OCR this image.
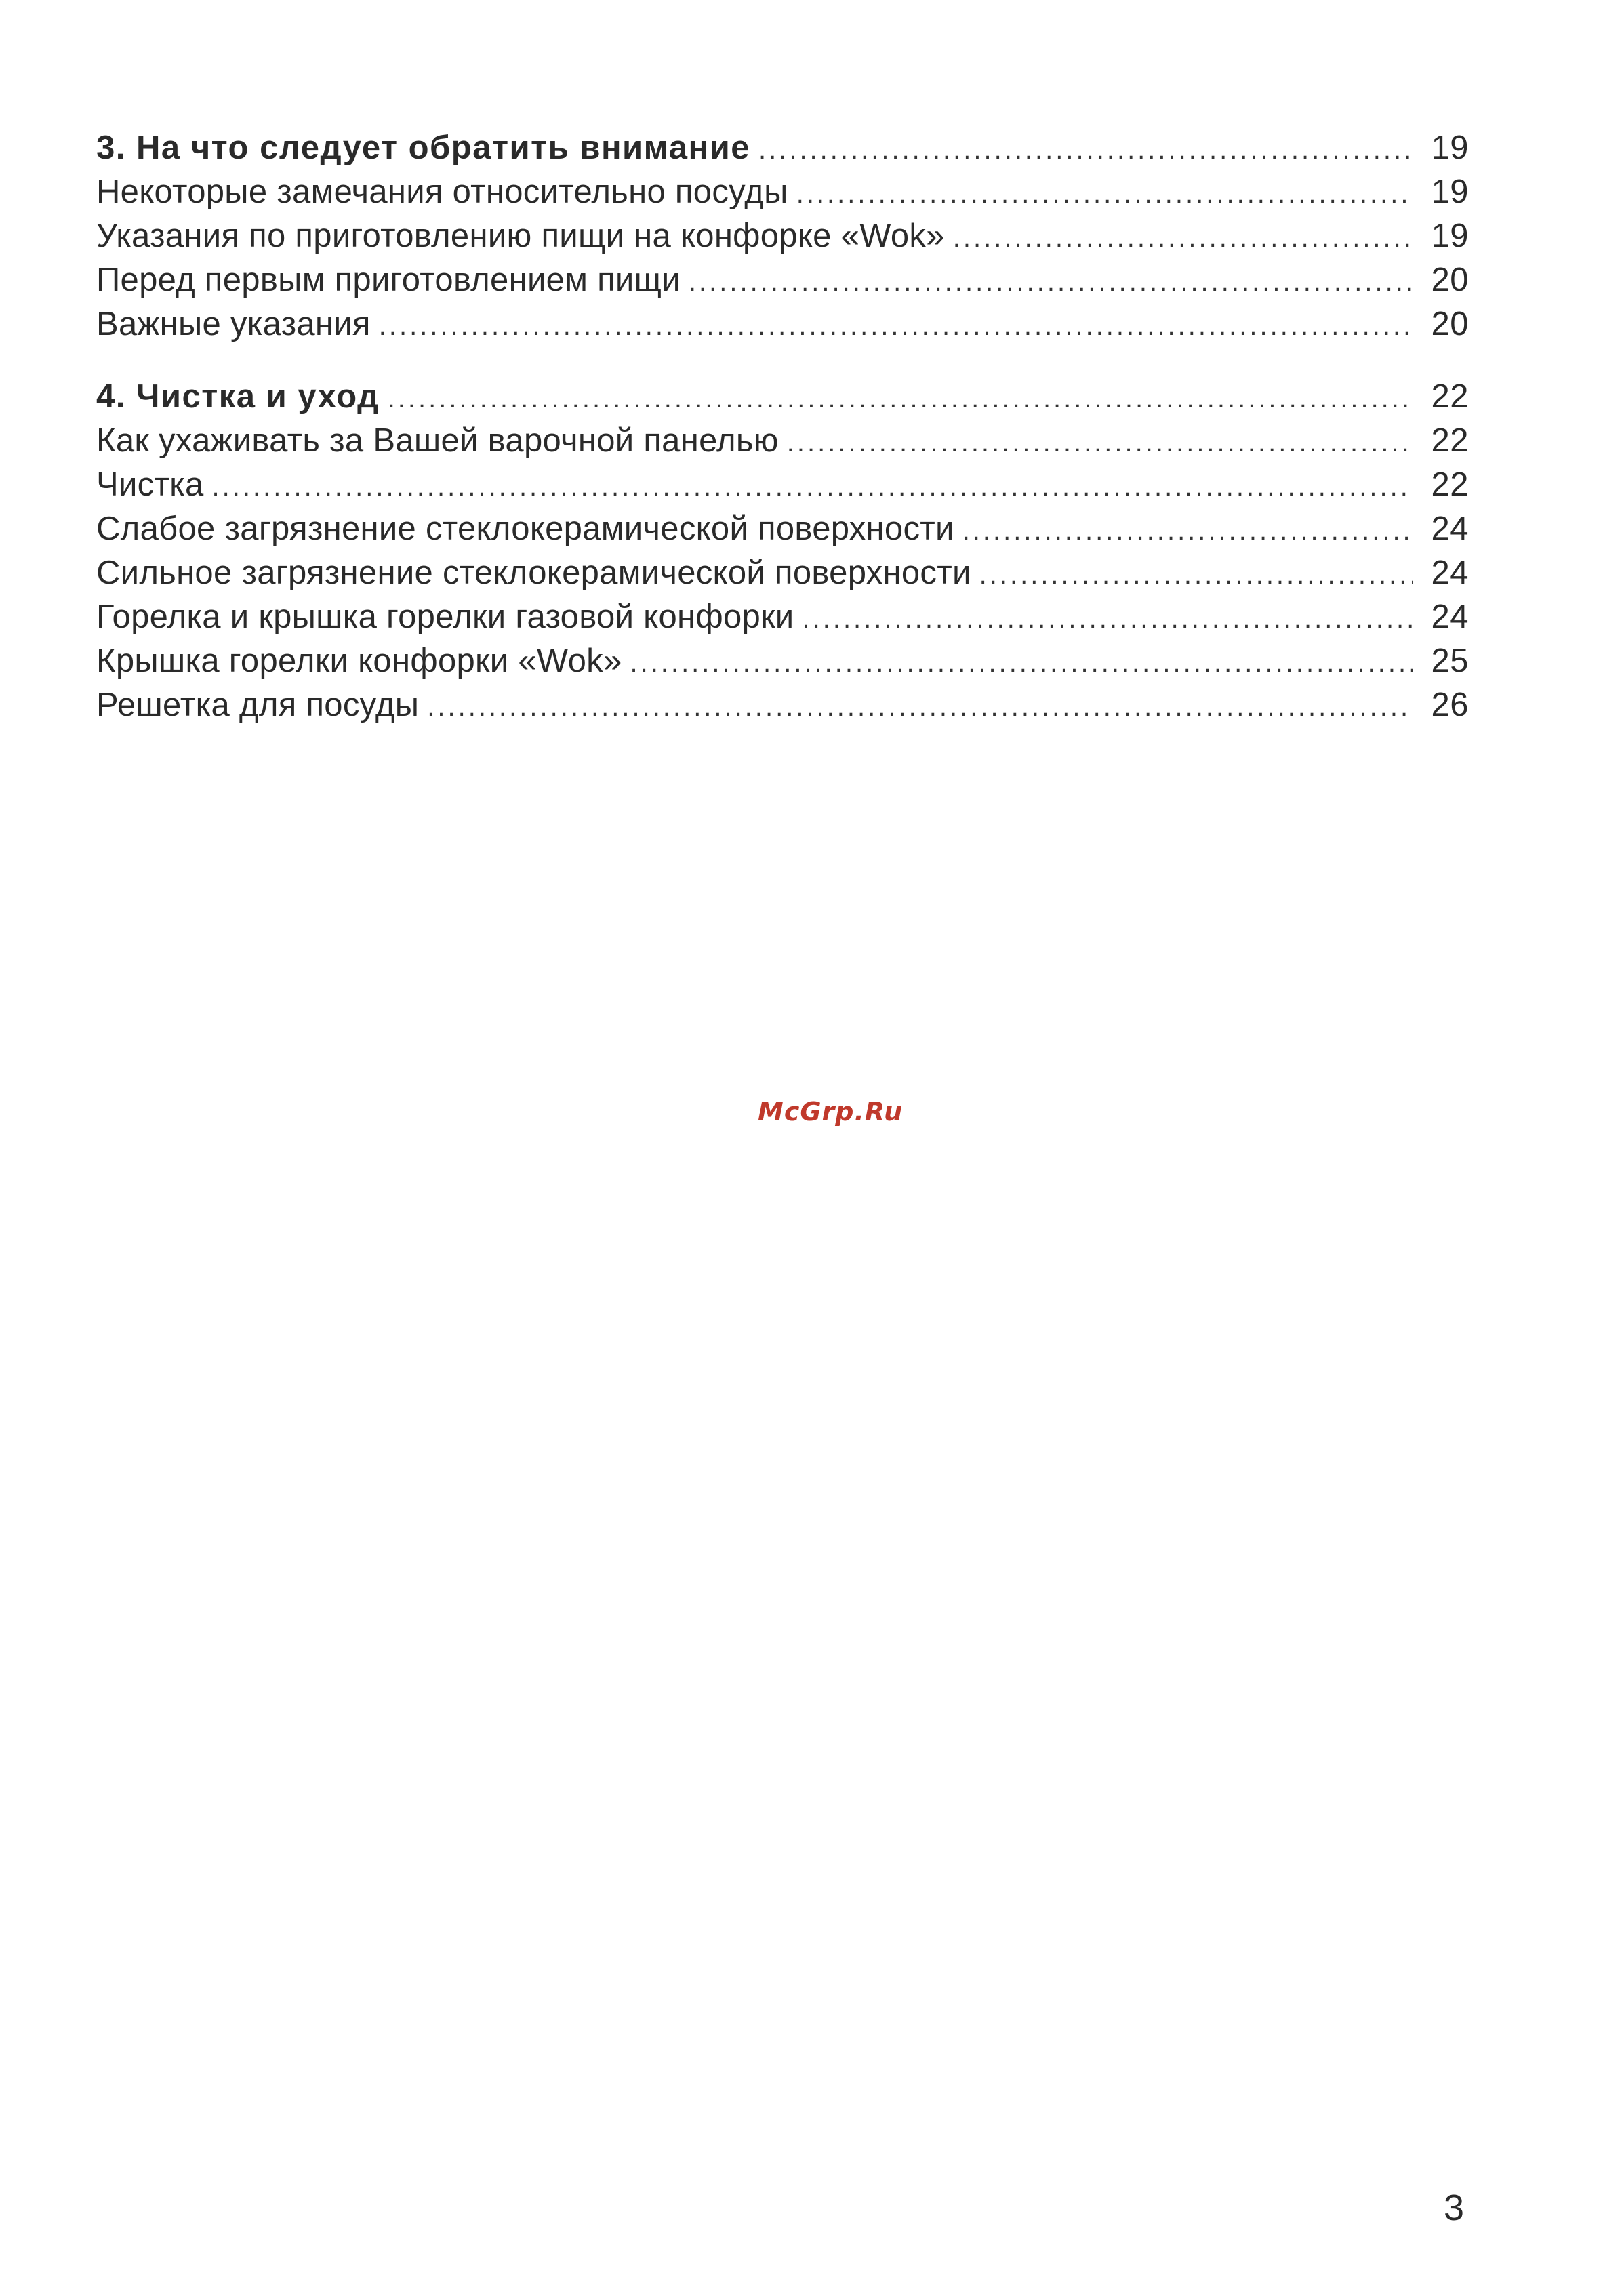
3. На что следует обратить внимание .....	19
Некоторые замечания относительно посуды .....	19
Указания по приготовлению пищи на конфорке «Wok» .....	19
Перед первым приготовлением пищи .....	20
Важные указания .....	20
4. Чистка и уход .....	22
Как ухаживать за Вашей варочной панелью .....	22
Чистка .....	22
Слабое загрязнение стеклокерамической поверхности .....	24
Сильное загрязнение стеклокерамической поверхности .....	24
Горелка и крышка горелки газовой конфорки .....	24
Крышка горелки конфорки «Wok» .....	25
Решетка для посуды .....	26
McGrp.Ru
3
